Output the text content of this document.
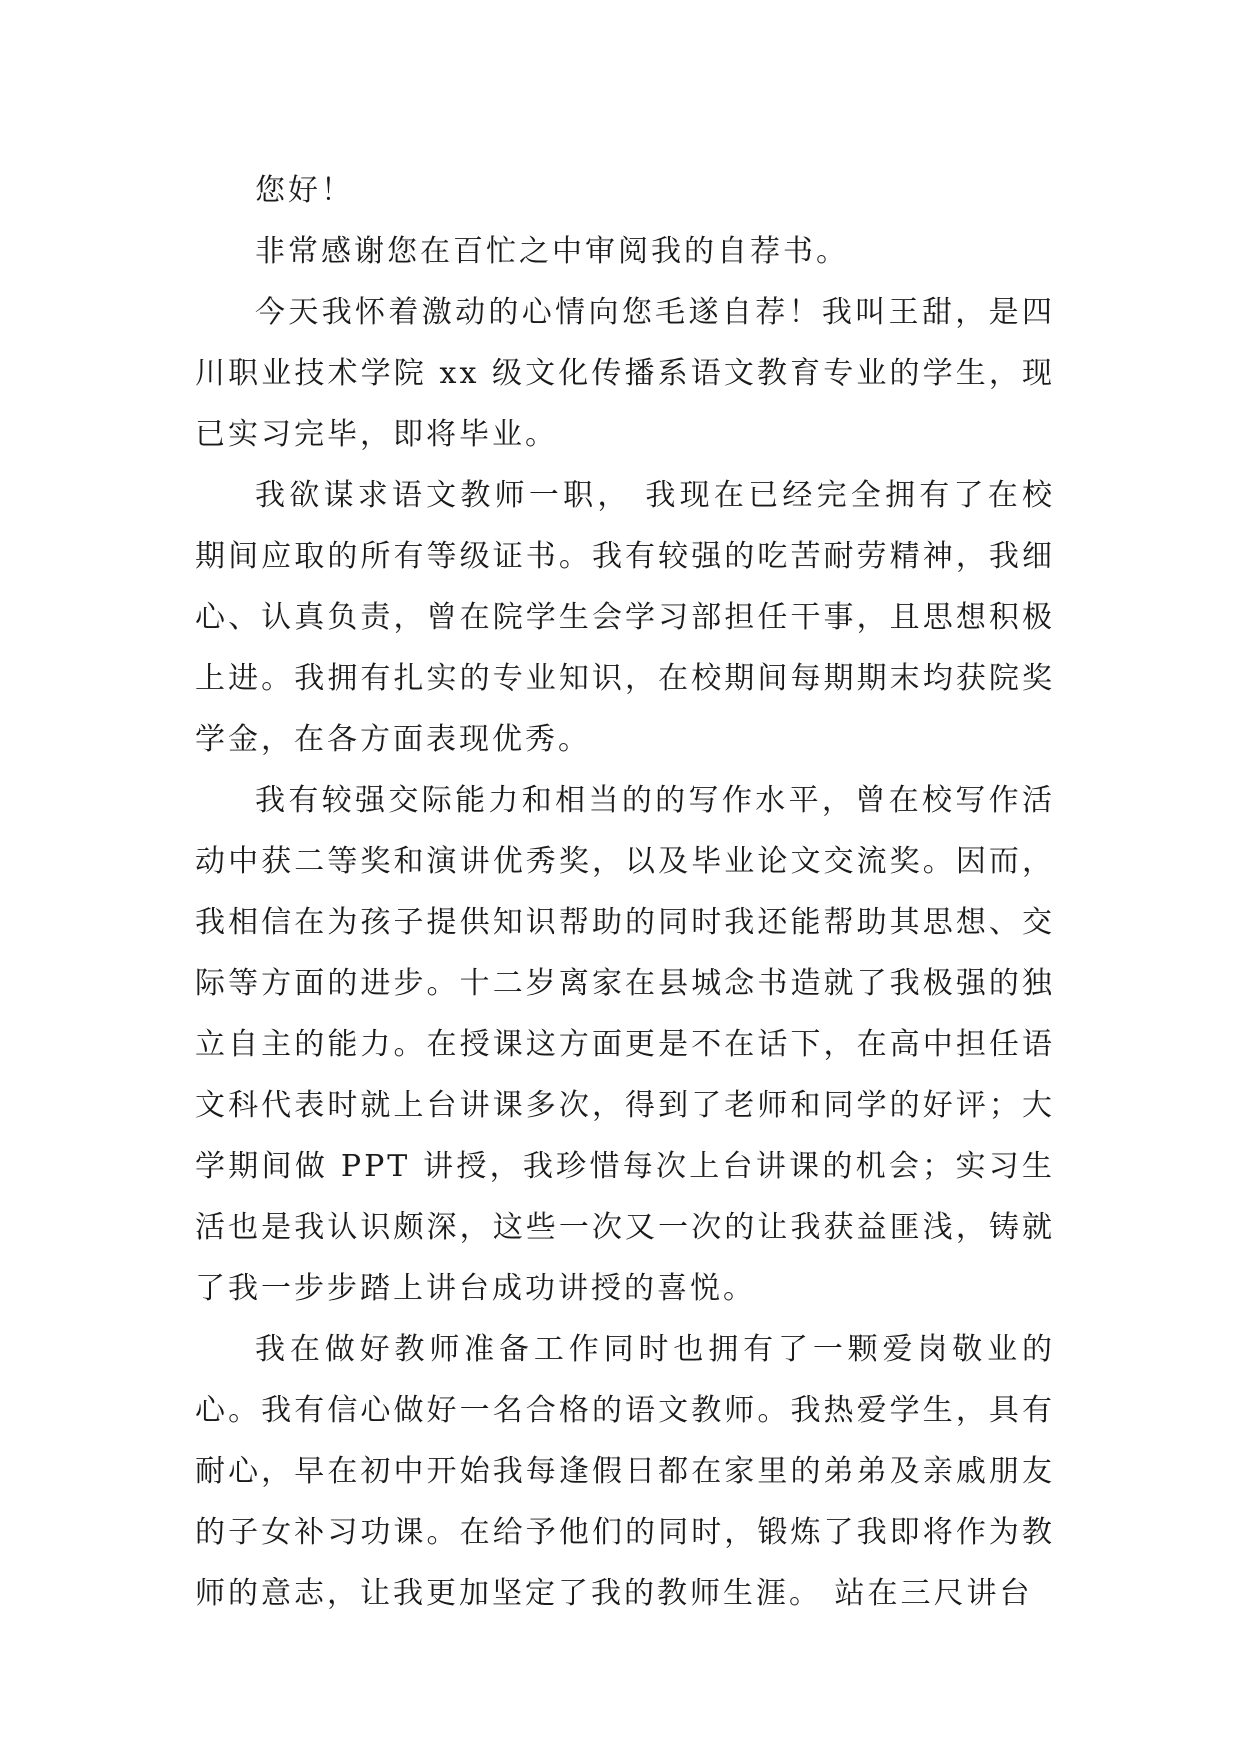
您好！

非常感谢您在百忙之中审阅我的自荐书。

今天我怀着激动的心情向您毛遂自荐！我叫王甜，是四川职业技术学院 xx 级文化传播系语文教育专业的学生，现已实习完毕，即将毕业。

我欲谋求语文教师一职， 我现在已经完全拥有了在校期间应取的所有等级证书。我有较强的吃苦耐劳精神，我细心、认真负责，曾在院学生会学习部担任干事，且思想积极上进。我拥有扎实的专业知识，在校期间每期期末均获院奖学金，在各方面表现优秀。

我有较强交际能力和相当的的写作水平，曾在校写作活动中获二等奖和演讲优秀奖，以及毕业论文交流奖。因而，我相信在为孩子提供知识帮助的同时我还能帮助其思想、交际等方面的进步。十二岁离家在县城念书造就了我极强的独立自主的能力。在授课这方面更是不在话下，在高中担任语文科代表时就上台讲课多次，得到了老师和同学的好评；大学期间做 PPT 讲授，我珍惜每次上台讲课的机会；实习生活也是我认识颇深，这些一次又一次的让我获益匪浅，铸就了我一步步踏上讲台成功讲授的喜悦。

我在做好教师准备工作同时也拥有了一颗爱岗敬业的心。我有信心做好一名合格的语文教师。我热爱学生，具有耐心，早在初中开始我每逢假日都在家里的弟弟及亲戚朋友的子女补习功课。在给予他们的同时，锻炼了我即将作为教师的意志，让我更加坚定了我的教师生涯。 站在三尺讲台
